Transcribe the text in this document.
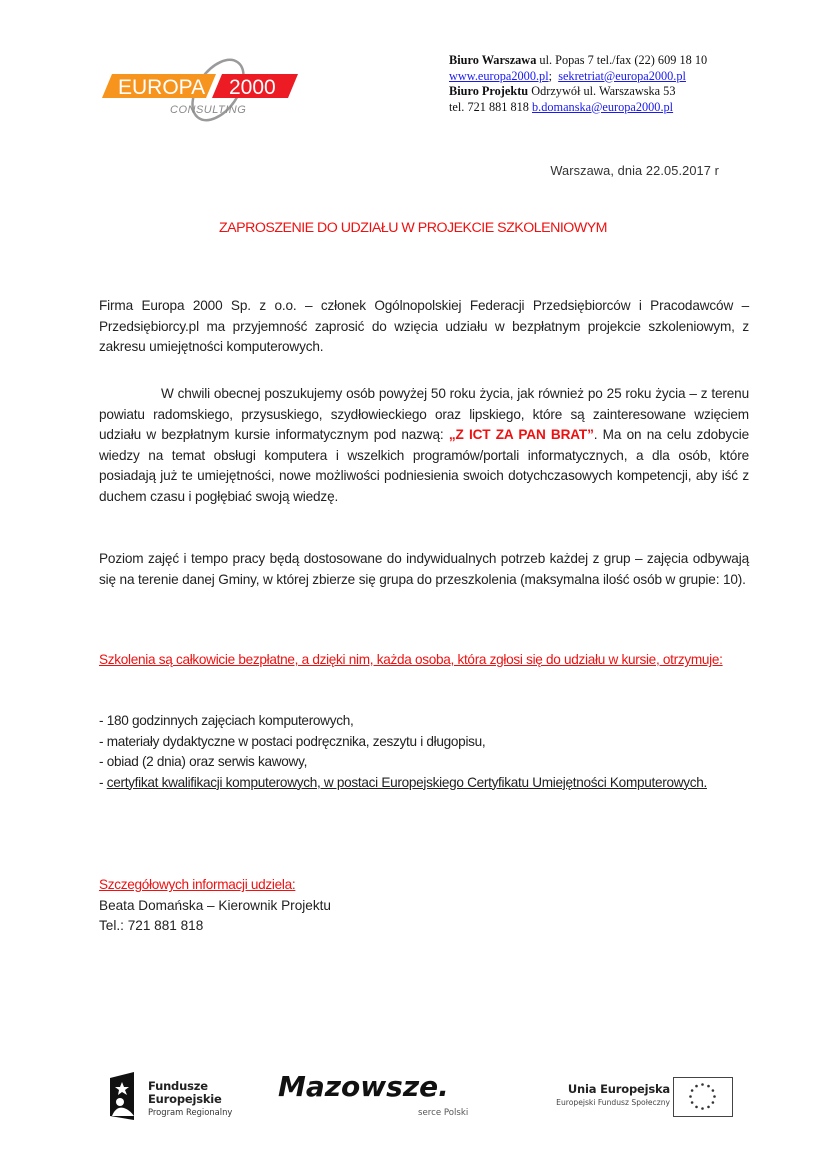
EUROPA 2000
CONSULTING
Biuro Warszawa ul. Popas 7 tel./fax (22) 609 18 10
www.europa2000.pl; sekretriat@europa2000.pl
Biuro Projektu Odrzywół ul. Warszawska 53
tel. 721 881 818 b.domanska@europa2000.pl
Warszawa, dnia 22.05.2017 r
ZAPROSZENIE DO UDZIAŁU W PROJEKCIE SZKOLENIOWYM
Firma Europa 2000 Sp. z o.o. – członek Ogólnopolskiej Federacji Przedsiębiorców i Pracodawców – Przedsiębiorcy.pl ma przyjemność zaprosić do wzięcia udziału w bezpłatnym projekcie szkoleniowym, z zakresu umiejętności komputerowych.
W chwili obecnej poszukujemy osób powyżej 50 roku życia, jak również po 25 roku życia – z terenu powiatu radomskiego, przysuskiego, szydłowieckiego oraz lipskiego, które są zainteresowane wzięciem udziału w bezpłatnym kursie informatycznym pod nazwą: „Z ICT ZA PAN BRAT”. Ma on na celu zdobycie wiedzy na temat obsługi komputera i wszelkich programów/portali informatycznych, a dla osób, które posiadają już te umiejętności, nowe możliwości podniesienia swoich dotychczasowych kompetencji, aby iść z duchem czasu i pogłębiać swoją wiedzę.
Poziom zajęć i tempo pracy będą dostosowane do indywidualnych potrzeb każdej z grup – zajęcia odbywają się na terenie danej Gminy, w której zbierze się grupa do przeszkolenia (maksymalna ilość osób w grupie: 10).
Szkolenia są całkowicie bezpłatne, a dzięki nim, każda osoba, która zgłosi się do udziału w kursie, otrzymuje:
- 180 godzinnych zajęciach komputerowych,
- materiały dydaktyczne w postaci podręcznika, zeszytu i długopisu,
- obiad (2 dnia) oraz serwis kawowy,
- certyfikat kwalifikacji komputerowych, w postaci Europejskiego Certyfikatu Umiejętności Komputerowych.
Szczegółowych informacji udziela:
Beata Domańska – Kierownik Projektu
Tel.: 721 881 818
Fundusze
Europejskie
Program Regionalny
Mazowsze.
serce Polski
Unia Europejska
Europejski Fundusz Społeczny
